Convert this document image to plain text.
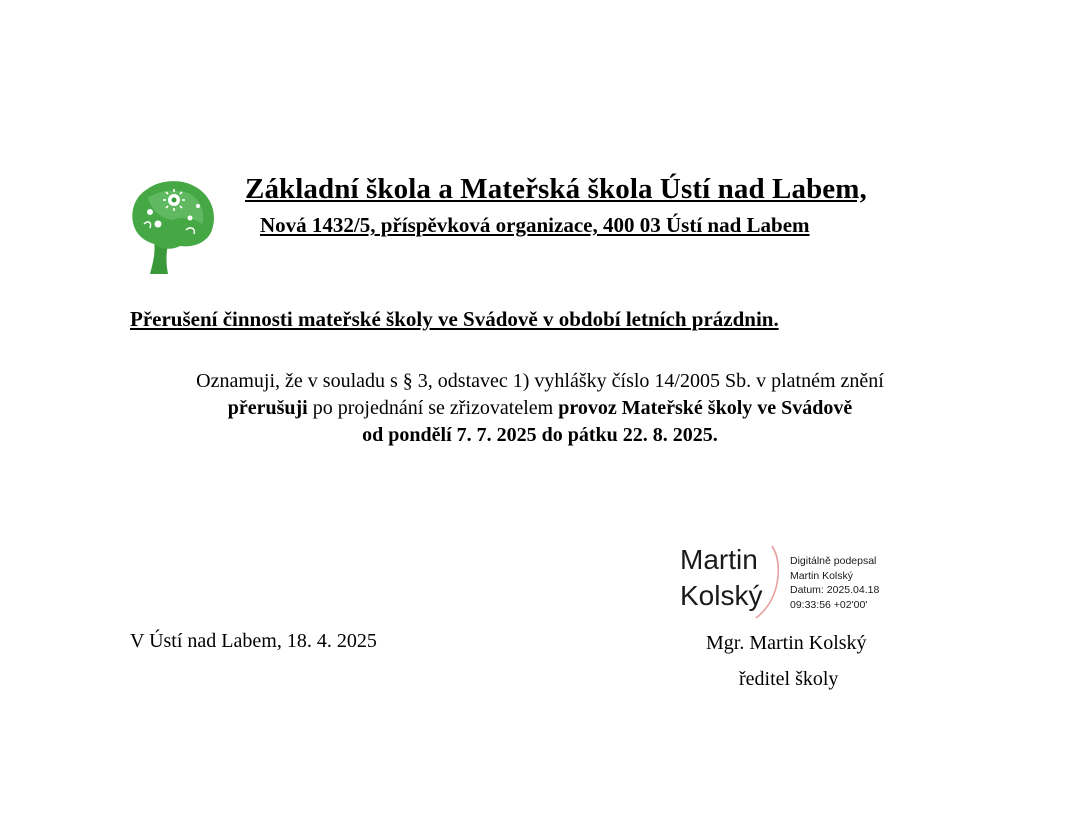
Základní škola a Mateřská škola Ústí nad Labem,
Nová 1432/5, příspěvková organizace, 400 03 Ústí nad Labem
Přerušení činnosti mateřské školy ve Svádově v období letních prázdnin.
Oznamuji, že v souladu s § 3, odstavec 1) vyhlášky číslo 14/2005 Sb. v platném znění
přerušuji po projednání se zřizovatelem provoz Mateřské školy ve Svádově
od pondělí 7. 7. 2025 do pátku 22. 8. 2025.
Martin
Kolský
Digitálně podepsal
Martin Kolský
Datum: 2025.04.18
09:33:56 +02'00'
V Ústí nad Labem, 18. 4. 2025	Mgr. Martin Kolský
ředitel školy
